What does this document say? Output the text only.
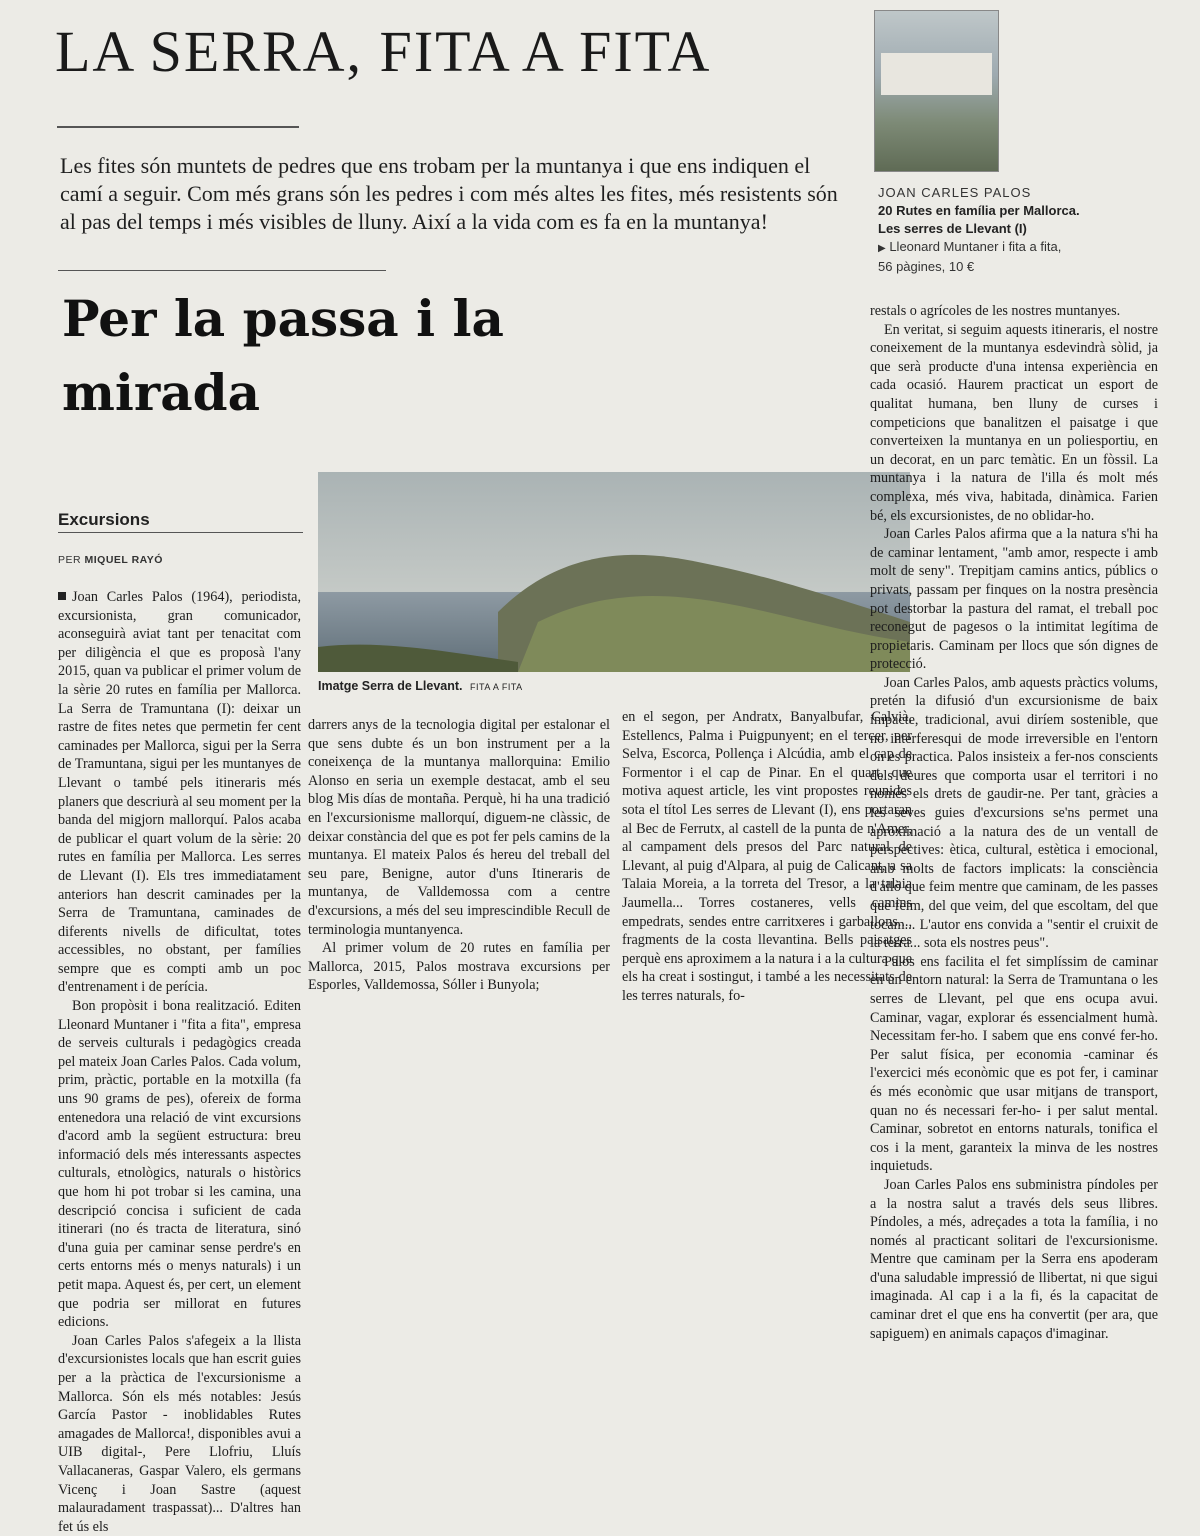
LA SERRA, FITA A FITA

Les fites són muntets de pedres que ens trobam per la muntanya i que ens indiquen el camí a seguir. Com més grans són les pedres i com més altes les fites, més resistents són al pas del temps i més visibles de lluny. Així a la vida com es fa en la muntanya!

Per la passa i la mirada
JOAN CARLES PALOS
20 Rutes en família per Mallorca.
Les serres de Llevant (I)
▶ Lleonard Muntaner i fita a fita,
56 pàgines, 10 €
Excursions
PER MIQUEL RAYÓ
Imatge Serra de Llevant. FITA A FITA

Joan Carles Palos (1964), periodista, excursionista, gran comunicador, aconseguirà aviat tant per tenacitat com per diligència el que es proposà l'any 2015, quan va publicar el primer volum de la sèrie 20 rutes en família per Mallorca. La Serra de Tramuntana (I): deixar un rastre de fites netes que permetin fer cent caminades per Mallorca, sigui per la Serra de Tramuntana, sigui per les muntanyes de Llevant o també pels itineraris més planers que descriurà al seu moment per la banda del migjorn mallorquí. Palos acaba de publicar el quart volum de la sèrie: 20 rutes en família per Mallorca. Les serres de Llevant (I). Els tres immediatament anteriors han descrit caminades per la Serra de Tramuntana, caminades de diferents nivells de dificultat, totes accessibles, no obstant, per famílies sempre que es compti amb un poc d'entrenament i de perícia.

Bon propòsit i bona realització. Editen Lleonard Muntaner i "fita a fita", empresa de serveis culturals i pedagògics creada pel mateix Joan Carles Palos. Cada volum, prim, pràctic, portable en la motxilla (fa uns 90 grams de pes), ofereix de forma entenedora una relació de vint excursions d'acord amb la següent estructura: breu informació dels més interessants aspectes culturals, etnològics, naturals o històrics que hom hi pot trobar si les camina, una descripció concisa i suficient de cada itinerari (no és tracta de literatura, sinó d'una guia per caminar sense perdre's en certs entorns més o menys naturals) i un petit mapa. Aquest és, per cert, un element que podria ser millorat en futures edicions.

Joan Carles Palos s'afegeix a la llista d'excursionistes locals que han escrit guies per a la pràctica de l'excursionisme a Mallorca. Són els més notables: Jesús García Pastor - inoblidables Rutes amagades de Mallorca!, disponibles avui a UIB digital-, Pere Llofriu, Lluís Vallacaneras, Gaspar Valero, els germans Vicenç i Joan Sastre (aquest malauradament traspassat)... D'altres han fet ús els

darrers anys de la tecnologia digital per estalonar el que sens dubte és un bon instrument per a la coneixença de la muntanya mallorquina: Emilio Alonso en seria un exemple destacat, amb el seu blog Mis días de montaña. Perquè, hi ha una tradició en l'excursionisme mallorquí, diguem-ne clàssic, de deixar constància del que es pot fer pels camins de la muntanya. El mateix Palos és hereu del treball del seu pare, Benigne, autor d'uns Itineraris de muntanya, de Valldemossa com a centre d'excursions, a més del seu imprescindible Recull de terminologia muntanyenca.

Al primer volum de 20 rutes en família per Mallorca, 2015, Palos mostrava excursions per Esporles, Valldemossa, Sóller i Bunyola;

en el segon, per Andratx, Banyalbufar, Calvià, Estellencs, Palma i Puigpunyent; en el tercer, per Selva, Escorca, Pollença i Alcúdia, amb el cap de Formentor i el cap de Pinar. En el quart, que motiva aquest article, les vint propostes reunides sota el títol Les serres de Llevant (I), ens portaran al Bec de Ferrutx, al castell de la punta de n'Amer, al campament dels presos del Parc natural de Llevant, al puig d'Alpara, al puig de Calicant, a sa Talaia Moreia, a la torreta del Tresor, a la talaia Jaumella... Torres costaneres, vells camins empedrats, sendes entre carritxeres i garballons..., fragments de la costa llevantina. Bells paisatges perquè ens aproximem a la natura i a la cultura que els ha creat i sostingut, i també a les necessitats de les terres naturals, fo-

restals o agrícoles de les nostres muntanyes.

En veritat, si seguim aquests itineraris, el nostre coneixement de la muntanya esdevindrà sòlid, ja que serà producte d'una intensa experiència en cada ocasió. Haurem practicat un esport de qualitat humana, ben lluny de curses i competicions que banalitzen el paisatge i que converteixen la muntanya en un poliesportiu, en un decorat, en un parc temàtic. En un fòssil. La muntanya i la natura de l'illa és molt més complexa, més viva, habitada, dinàmica. Farien bé, els excursionistes, de no oblidar-ho.

Joan Carles Palos afirma que a la natura s'hi ha de caminar lentament, "amb amor, respecte i amb molt de seny". Trepitjam camins antics, públics o privats, passam per finques on la nostra presència pot destorbar la pastura del ramat, el treball poc reconegut de pagesos o la intimitat legítima de propietaris. Caminam per llocs que són dignes de protecció.

Joan Carles Palos, amb aquests pràctics volums, pretén la difusió d'un excursionisme de baix impacte, tradicional, avui diríem sostenible, que no interferesqui de mode irreversible en l'entorn on es practica. Palos insisteix a fer-nos conscients dels deures que comporta usar el territori i no només els drets de gaudir-ne. Per tant, gràcies a les seves guies d'excursions se'ns permet una aproximació a la natura des de un ventall de perspectives: ètica, cultural, estètica i emocional, amb molts de factors implicats: la consciència d'allò que feim mentre que caminam, de les passes que feim, del que veim, del que escoltam, del que tocam... L'autor ens convida a "sentir el cruixit de la terra... sota els nostres peus".

Palos ens facilita el fet simplíssim de caminar en un entorn natural: la Serra de Tramuntana o les serres de Llevant, pel que ens ocupa avui. Caminar, vagar, explorar és essencialment humà. Necessitam fer-ho. I sabem que ens convé fer-ho. Per salut física, per economia -caminar és l'exercici més econòmic que es pot fer, i caminar és més econòmic que usar mitjans de transport, quan no és necessari fer-ho- i per salut mental. Caminar, sobretot en entorns naturals, tonifica el cos i la ment, garanteix la minva de les nostres inquietuds.

Joan Carles Palos ens subministra píndoles per a la nostra salut a través dels seus llibres. Píndoles, a més, adreçades a tota la família, i no només al practicant solitari de l'excursionisme. Mentre que caminam per la Serra ens apoderam d'una saludable impressió de llibertat, ni que sigui imaginada. Al cap i a la fi, és la capacitat de caminar dret el que ens ha convertit (per ara, que sapiguem) en animals capaços d'imaginar.
